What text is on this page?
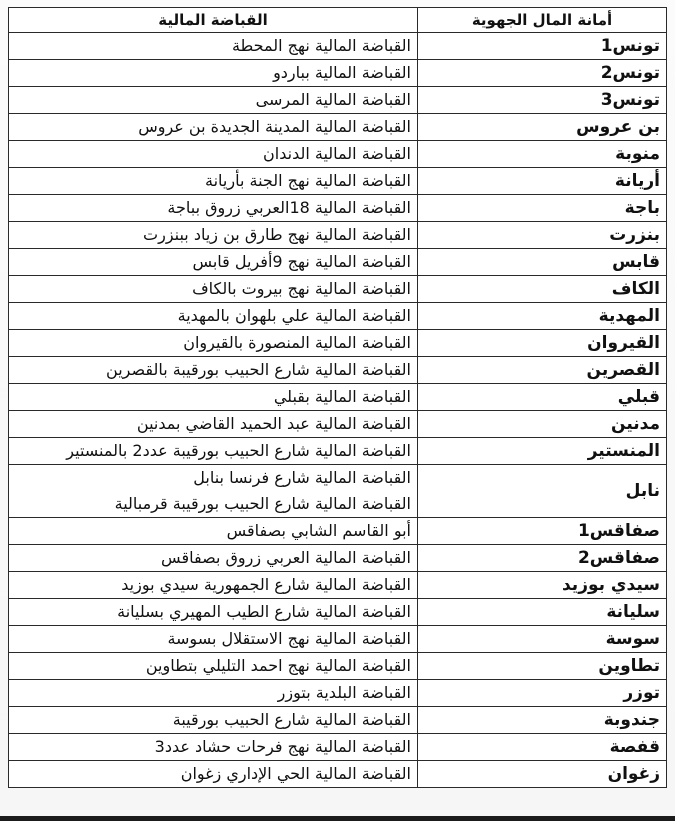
أمانة المال الجهوية	القباضة المالية
تونس1	القباضة المالية نهج المحطة

تونس2	القباضة المالية بباردو

تونس3	القباضة المالية المرسى

بن عروس	القباضة المالية المدينة الجديدة بن عروس

منوبة	القباضة المالية الدندان

أريانة	القباضة المالية نهج الجنة بأريانة

باجة	القباضة المالية 18العربي زروق بباجة

بنزرت	القباضة المالية نهج طارق بن زياد ببنزرت

قابس	القباضة المالية نهج 9أفريل قابس

الكاف	القباضة المالية نهج بيروت بالكاف

المهدية	القباضة المالية علي بلهوان بالمهدية

القيروان	القباضة المالية المنصورة بالقيروان

القصرين	القباضة المالية شارع الحبيب بورقيبة بالقصرين

قبلي	القباضة المالية بقبلي

مدنين	القباضة المالية عبد الحميد القاضي بمدنين

المنستير	القباضة المالية شارع الحبيب بورقيبة عدد2 بالمنستير

نابل	القباضة المالية شارع فرنسا بنابل
القباضة المالية شارع الحبيب بورقيبة قرمبالية

صفاقس1	أبو القاسم الشابي بصفاقس

صفاقس2	القباضة المالية العربي زروق بصفاقس

سيدي بوزيد	القباضة المالية شارع الجمهورية سيدي بوزيد

سليانة	القباضة المالية شارع الطيب المهيري بسليانة

سوسة	القباضة المالية نهج الاستقلال بسوسة

تطاوين	القباضة المالية نهج احمد التليلي بتطاوين

توزر	القباضة البلدية بتوزر

جندوبة	القباضة المالية شارع الحبيب بورقيبة

قفصة	القباضة المالية نهج فرحات حشاد عدد3

زغوان	القباضة المالية الحي الإداري زغوان
